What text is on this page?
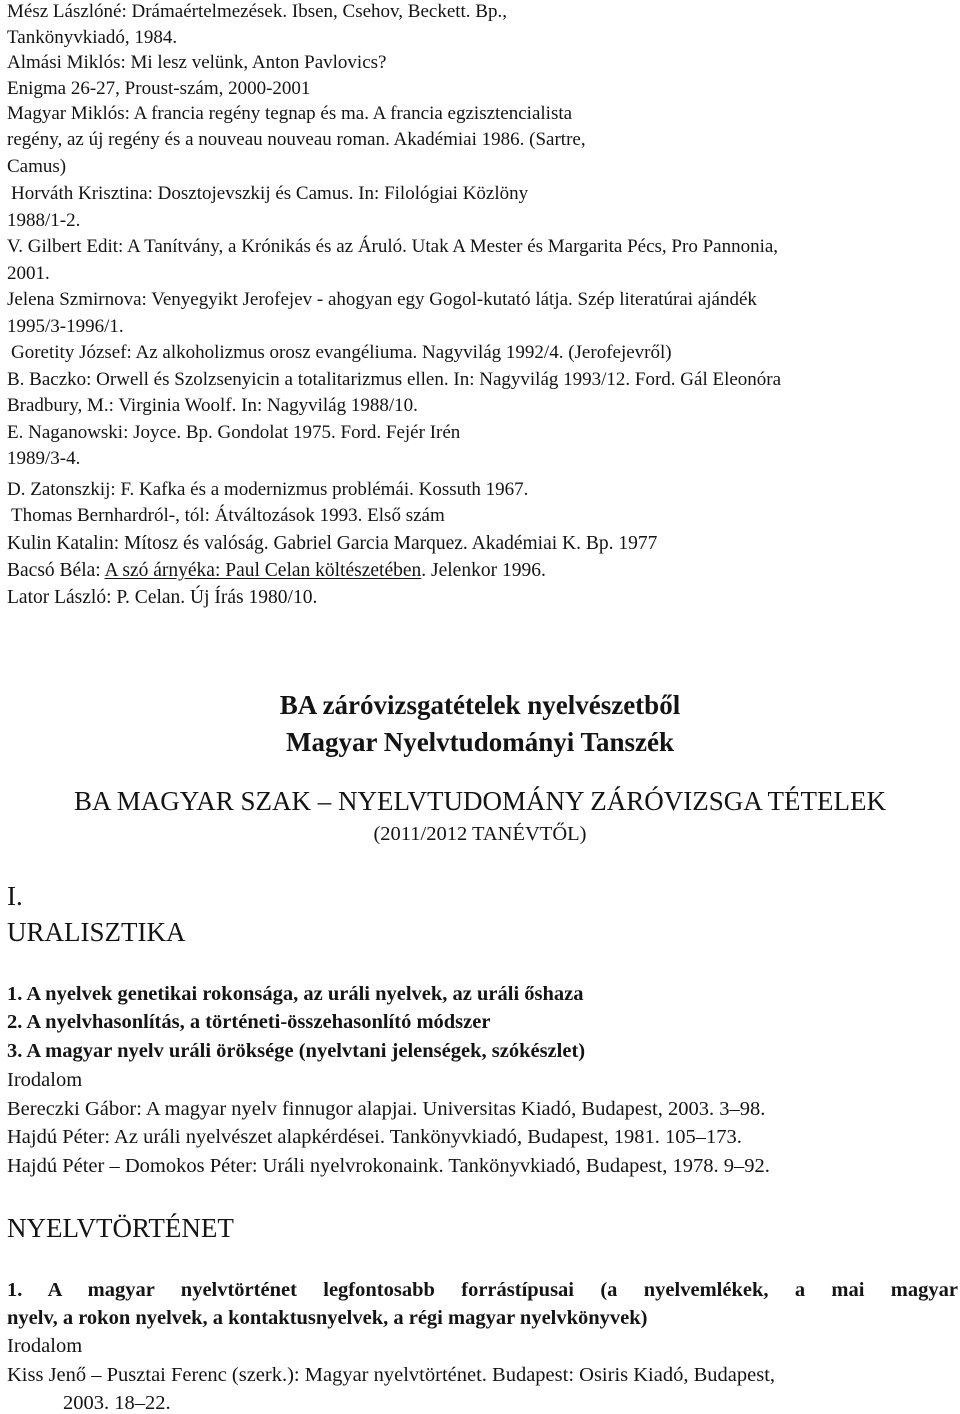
Mész Lászlóné: Drámaértelmezések. Ibsen, Csehov, Beckett. Bp.,
Tankönyvkiadó, 1984.
Almási Miklós: Mi lesz velünk, Anton Pavlovics?
Enigma 26-27, Proust-szám, 2000-2001
Magyar Miklós: A francia regény tegnap és ma. A francia egzisztencialista
regény, az új regény és a nouveau nouveau roman. Akadémiai 1986. (Sartre,
Camus)
Horváth Krisztina: Dosztojevszkij és Camus. In: Filológiai Közlöny
1988/1-2.
V. Gilbert Edit: A Tanítvány, a Krónikás és az Áruló. Utak A Mester és Margarita Pécs, Pro Pannonia,
2001.
Jelena Szmirnova: Venyegyikt Jerofejev - ahogyan egy Gogol-kutató látja. Szép literatúrai ajándék
1995/3-1996/1.
Goretity József: Az alkoholizmus orosz evangéliuma. Nagyvilág 1992/4. (Jerofejevről)
B. Baczko: Orwell és Szolzsenyicin a totalitarizmus ellen. In: Nagyvilág 1993/12. Ford. Gál Eleonóra
Bradbury, M.: Virginia Woolf. In: Nagyvilág 1988/10.
E. Naganowski: Joyce. Bp. Gondolat 1975. Ford. Fejér Irén
1989/3-4.
D. Zatonszkij: F. Kafka és a modernizmus problémái. Kossuth 1967.
Thomas Bernhardról-, tól: Átváltozások 1993. Első szám
Kulin Katalin: Mítosz és valóság. Gabriel Garcia Marquez. Akadémiai K. Bp. 1977
Bacsó Béla: A szó árnyéka: Paul Celan költészetében. Jelenkor 1996.
Lator László: P. Celan. Új Írás 1980/10.
BA záróvizsgatételek nyelvészetből
Magyar Nyelvtudományi Tanszék
BA MAGYAR SZAK – NYELVTUDOMÁNY ZÁRÓVIZSGA TÉTELEK
(2011/2012 TANÉVTŐL)
I.
URALISZTIKA
1. A nyelvek genetikai rokonsága, az uráli nyelvek, az uráli őshaza
2. A nyelvhasonlítás, a történeti-összehasonlító módszer
3. A magyar nyelv uráli öröksége (nyelvtani jelenségek, szókészlet)
Irodalom
Bereczki Gábor: A magyar nyelv finnugor alapjai. Universitas Kiadó, Budapest, 2003. 3–98.
Hajdú Péter: Az uráli nyelvészet alapkérdései. Tankönyvkiadó, Budapest, 1981. 105–173.
Hajdú Péter – Domokos Péter: Uráli nyelvrokonaink. Tankönyvkiadó, Budapest, 1978. 9–92.
NYELVTÖRTÉNET
1. A magyar nyelvtörténet legfontosabb forrástípusai (a nyelvemlékek, a mai magyar
nyelv, a rokon nyelvek, a kontaktusnyelvek, a régi magyar nyelvkönyvek)
Irodalom
Kiss Jenő – Pusztai Ferenc (szerk.): Magyar nyelvtörténet. Budapest: Osiris Kiadó, Budapest,
2003. 18–22.
